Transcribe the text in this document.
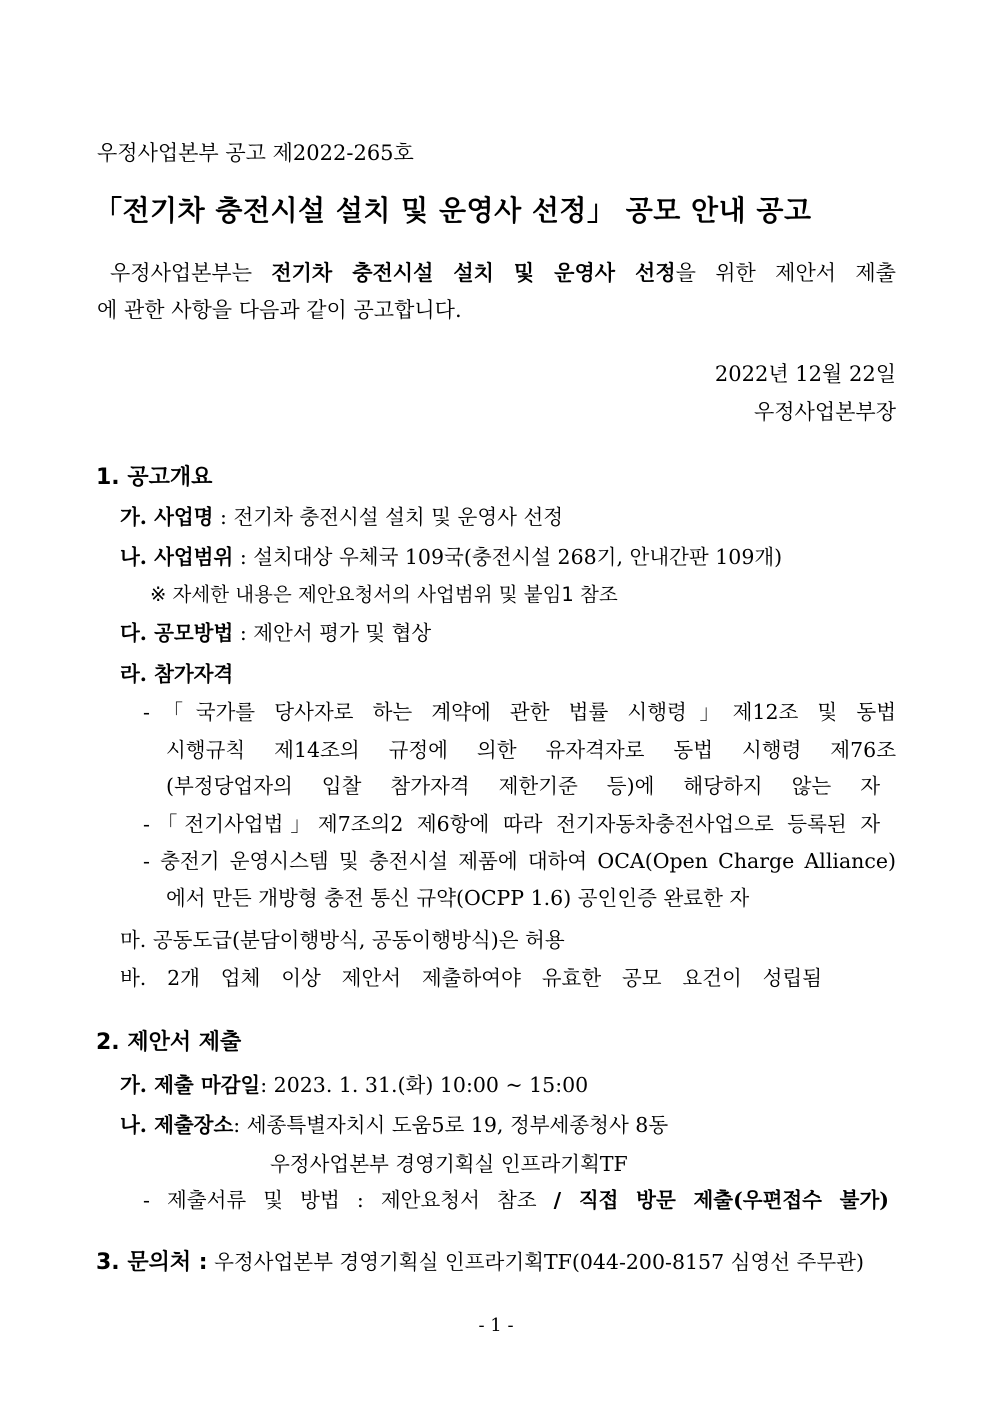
우정사업본부 공고 제2022-265호
「전기차 충전시설 설치 및 운영사 선정」 공모 안내 공고
우정사업본부는 전기차 충전시설 설치 및 운영사 선정을 위한 제안서 제출
에 관한 사항을 다음과 같이 공고합니다.
2022년 12월 22일
우정사업본부장
1. 공고개요
가. 사업명 : 전기차 충전시설 설치 및 운영사 선정
나. 사업범위 : 설치대상 우체국 109국(충전시설 268기, 안내간판 109개)
※ 자세한 내용은 제안요청서의 사업범위 및 붙임1 참조
다. 공모방법 : 제안서 평가 및 협상
라. 참가자격
-「국가를 당사자로 하는 계약에 관한 법률 시행령」제12조 및 동법
시행규칙 제14조의 규정에 의한 유자격자로 동법 시행령 제76조
(부정당업자의 입찰 참가자격 제한기준 등)에 해당하지 않는 자
-「전기사업법」제7조의2 제6항에 따라 전기자동차충전사업으로 등록된 자
- 충전기 운영시스템 및 충전시설 제품에 대하여 OCA(Open Charge Alliance)
에서 만든 개방형 충전 통신 규약(OCPP 1.6) 공인인증 완료한 자
마. 공동도급(분담이행방식, 공동이행방식)은 허용
바. 2개 업체 이상 제안서 제출하여야 유효한 공모 요건이 성립됨
2. 제안서 제출
가. 제출 마감일: 2023. 1. 31.(화) 10:00 ~ 15:00
나. 제출장소: 세종특별자치시 도움5로 19, 정부세종청사 8동
우정사업본부 경영기획실 인프라기획TF
- 제출서류 및 방법 : 제안요청서 참조 / 직접 방문 제출(우편접수 불가)
3. 문의처 : 우정사업본부 경영기획실 인프라기획TF(044-200-8157 심영선 주무관)
- 1 -
